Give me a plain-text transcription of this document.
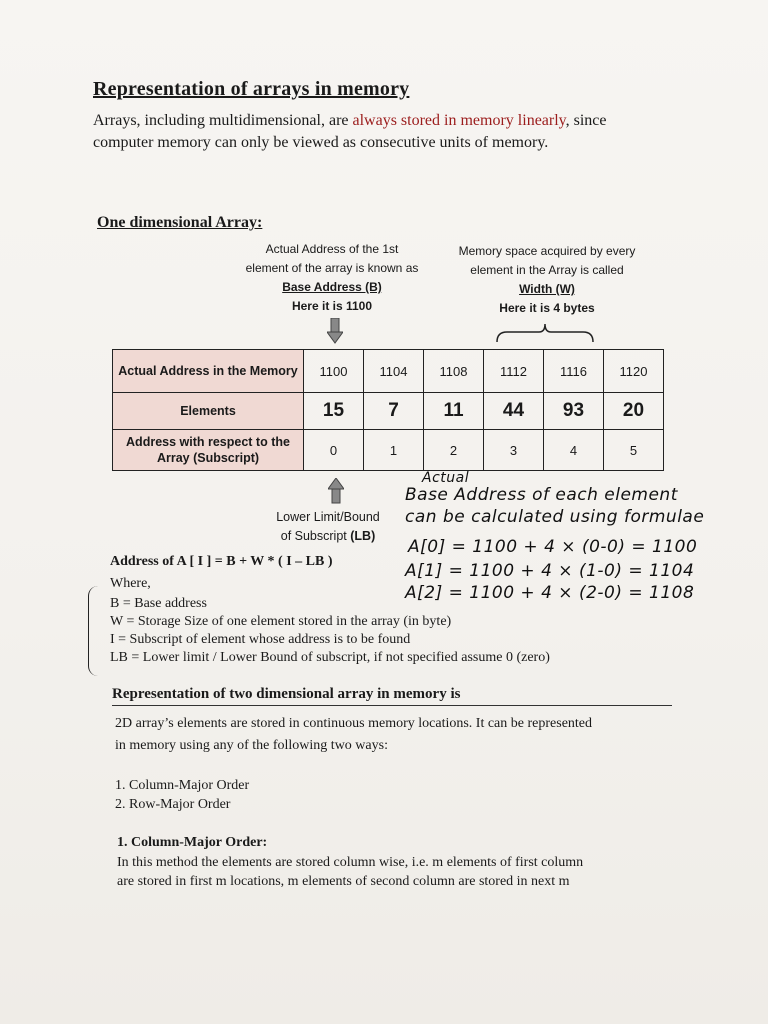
Representation of arrays in memory
Arrays, including multidimensional, are always stored in memory linearly, since
computer memory can only be viewed as consecutive units of memory.
One dimensional Array:
Actual Address of the 1st
element of the array is known as
Base Address (B)
Here it is 1100
Memory space acquired by every
element in the Array is called
Width (W)
Here it is 4 bytes
Actual Address in the Memory	1100	1104	1108	1112	1116	1120
Elements	15	7	11	44	93	20
Address with respect to the Array (Subscript)	0	1	2	3	4	5
Lower Limit/Bound
of Subscript (LB)
Actual
Base Address of each element
can be calculated using formulae
A[0] = 1100 + 4 × (0-0) = 1100
A[1] = 1100 + 4 × (1-0) = 1104
A[2] = 1100 + 4 × (2-0) = 1108
Address of A [ I ] = B + W * ( I – LB )
Where,
B = Base address
W = Storage Size of one element stored in the array (in byte)
I = Subscript of element whose address is to be found
LB = Lower limit / Lower Bound of subscript, if not specified assume 0 (zero)
Representation of two dimensional array in memory is
2D array’s elements are stored in continuous memory locations. It can be represented
in memory using any of the following two ways:
1. Column-Major Order
2. Row-Major Order
1. Column-Major Order:
In this method the elements are stored column wise, i.e. m elements of first column
are stored in first m locations, m elements of second column are stored in next m
